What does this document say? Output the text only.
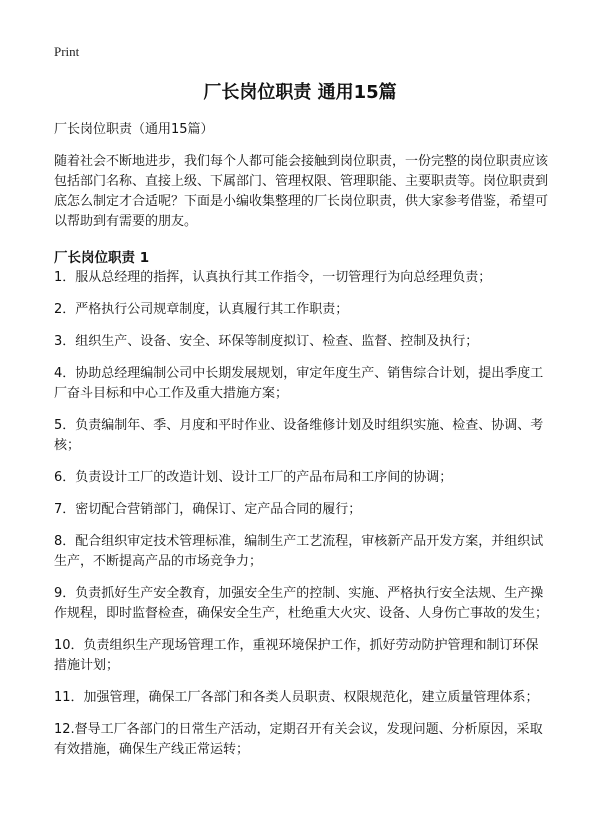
Print
厂长岗位职责 通用15篇

厂长岗位职责（通用15篇）

随着社会不断地进步，我们每个人都可能会接触到岗位职责，一份完整的岗位职责应该包括部门名称、直接上级、下属部门、管理权限、管理职能、主要职责等。岗位职责到底怎么制定才合适呢？下面是小编收集整理的厂长岗位职责，供大家参考借鉴，希望可以帮助到有需要的朋友。

厂长岗位职责 1

1．服从总经理的指挥，认真执行其工作指令，一切管理行为向总经理负责；

2．严格执行公司规章制度，认真履行其工作职责；

3．组织生产、设备、安全、环保等制度拟订、检查、监督、控制及执行；

4．协助总经理编制公司中长期发展规划，审定年度生产、销售综合计划，提出季度工厂奋斗目标和中心工作及重大措施方案；

5．负责编制年、季、月度和平时作业、设备维修计划及时组织实施、检查、协调、考核；

6．负责设计工厂的改造计划、设计工厂的产品布局和工序间的协调；

7．密切配合营销部门，确保订、定产品合同的履行；

8．配合组织审定技术管理标准，编制生产工艺流程，审核新产品开发方案，并组织试生产，不断提高产品的市场竞争力；

9．负责抓好生产安全教育，加强安全生产的控制、实施、严格执行安全法规、生产操作规程，即时监督检查，确保安全生产，杜绝重大火灾、设备、人身伤亡事故的发生；

10．负责组织生产现场管理工作，重视环境保护工作，抓好劳动防护管理和制订环保措施计划；

11．加强管理，确保工厂各部门和各类人员职责、权限规范化，建立质量管理体系；

12.督导工厂各部门的日常生产活动，定期召开有关会议，发现问题、分析原因，采取有效措施，确保生产线正常运转；
